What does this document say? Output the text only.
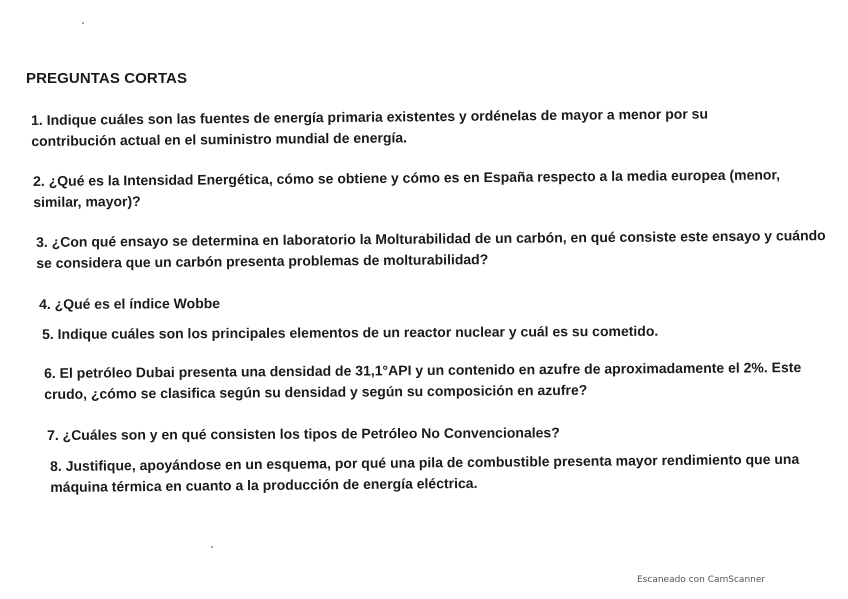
PREGUNTAS CORTAS
1. Indique cuáles son las fuentes de energía primaria existentes y ordénelas de mayor a menor por su contribución actual en el suministro mundial de energía.
2. ¿Qué es la Intensidad Energética, cómo se obtiene y cómo es en España respecto a la media europea (menor, similar, mayor)?
3. ¿Con qué ensayo se determina en laboratorio la Molturabilidad de un carbón, en qué consiste este ensayo y cuándo se considera que un carbón presenta problemas de molturabilidad?
4. ¿Qué es el índice Wobbe
5. Indique cuáles son los principales elementos de un reactor nuclear y cuál es su cometido.
6. El petróleo Dubai presenta una densidad de 31,1°API y un contenido en azufre de aproximadamente el 2%. Este crudo, ¿cómo se clasifica según su densidad y según su composición en azufre?
7. ¿Cuáles son y en qué consisten los tipos de Petróleo No Convencionales?
8. Justifique, apoyándose en un esquema, por qué una pila de combustible presenta mayor rendimiento que una máquina térmica en cuanto a la producción de energía eléctrica.
Escaneado con CamScanner
